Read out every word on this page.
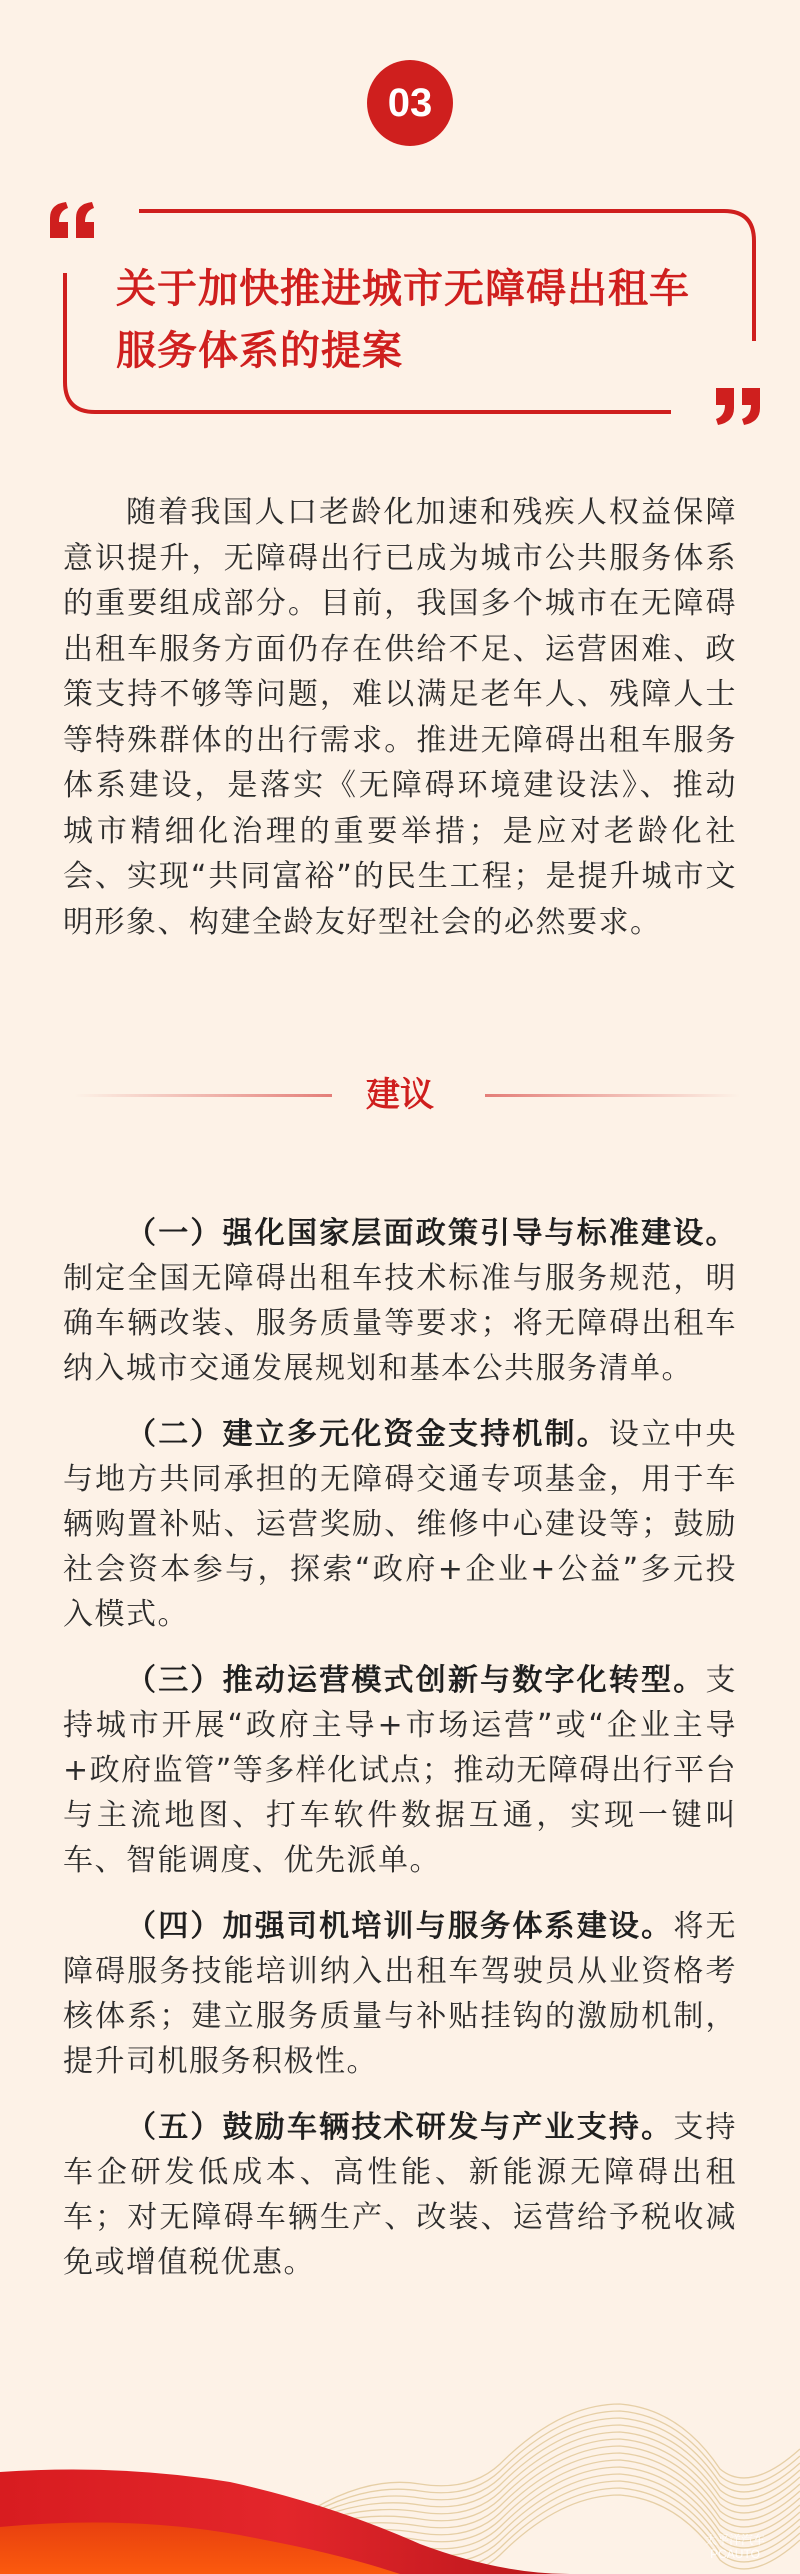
03
关于加快推进城市无障碍出租车
服务体系的提案

随着我国人口老龄化加速和残疾人权益保障意识提升，无障碍出行已成为城市公共服务体系的重要组成部分。目前，我国多个城市在无障碍出租车服务方面仍存在供给不足、运营困难、政策支持不够等问题，难以满足老年人、残障人士等特殊群体的出行需求。推进无障碍出租车服务体系建设，是落实《无障碍环境建设法》、推动城市精细化治理的重要举措；是应对老龄化社会、实现“共同富裕”的民生工程；是提升城市文明形象、构建全龄友好型社会的必然要求。

建议

（一）强化国家层面政策引导与标准建设。制定全国无障碍出租车技术标准与服务规范，明确车辆改装、服务质量等要求；将无障碍出租车纳入城市交通发展规划和基本公共服务清单。

（二）建立多元化资金支持机制。设立中央与地方共同承担的无障碍交通专项基金，用于车辆购置补贴、运营奖励、维修中心建设等；鼓励社会资本参与，探索“政府+企业+公益”多元投入模式。

（三）推动运营模式创新与数字化转型。支持城市开展“政府主导+市场运营”或“企业主导+政府监管”等多样化试点；推动无障碍出行平台与主流地图、打车软件数据互通，实现一键叫车、智能调度、优先派单。

（四）加强司机培训与服务体系建设。将无障碍服务技能培训纳入出租车驾驶员从业资格考核体系；建立服务质量与补贴挂钩的激励机制，提升司机服务积极性。

（五）鼓励车辆技术研发与产业支持。支持车企研发低成本、高性能、新能源无障碍出租车；对无障碍车辆生产、改装、运营给予税收减免或增值税优惠。

太平洋汽车
PCAUTO
